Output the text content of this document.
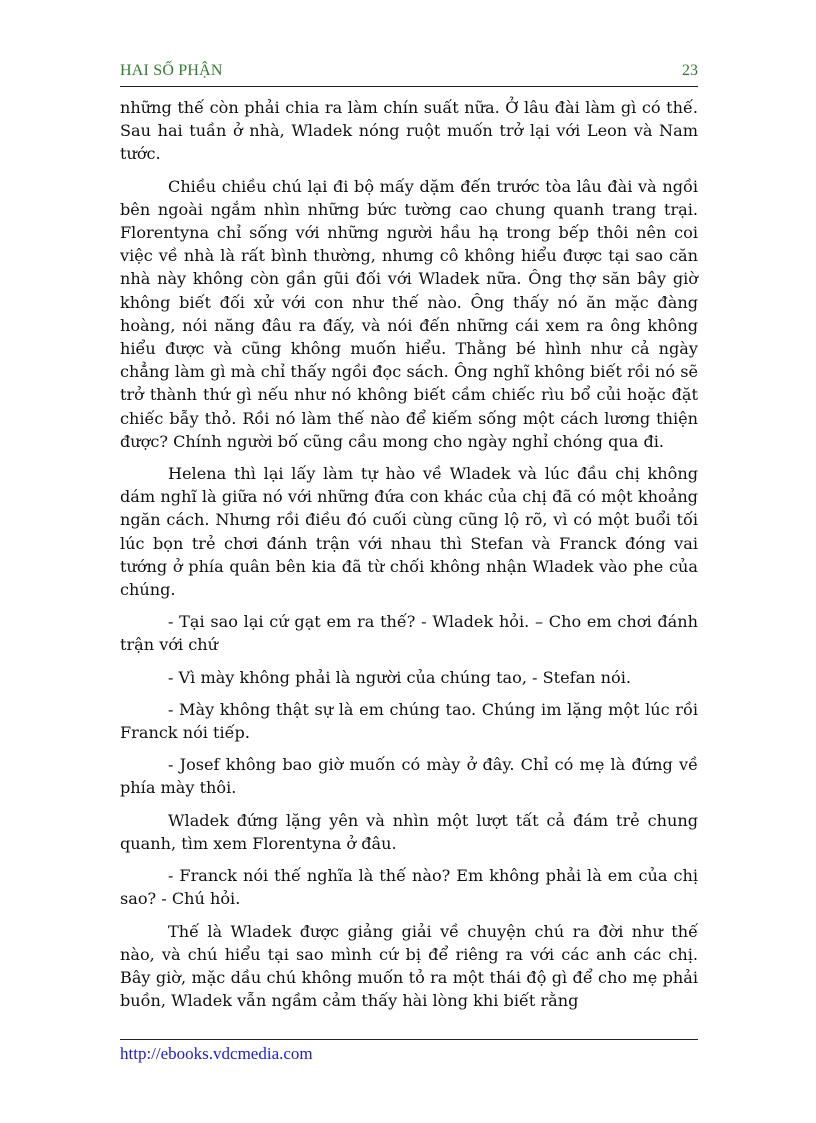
HAI SỐ PHẬN	23

những thế còn phải chia ra làm chín suất nữa. Ở lâu đài làm gì có thế. Sau hai tuần ở nhà, Wladek nóng ruột muốn trở lại với Leon và Nam tước.

Chiều chiều chú lại đi bộ mấy dặm đến trước tòa lâu đài và ngồi bên ngoài ngắm nhìn những bức tường cao chung quanh trang trại. Florentyna chỉ sống với những người hầu hạ trong bếp thôi nên coi việc về nhà là rất bình thường, nhưng cô không hiểu được tại sao căn nhà này không còn gần gũi đối với Wladek nữa. Ông thợ săn bây giờ không biết đối xử với con như thế nào. Ông thấy nó ăn mặc đàng hoàng, nói năng đâu ra đấy, và nói đến những cái xem ra ông không hiểu được và cũng không muốn hiểu. Thằng bé hình như cả ngày chẳng làm gì mà chỉ thấy ngồi đọc sách. Ông nghĩ không biết rồi nó sẽ trở thành thứ gì nếu như nó không biết cầm chiếc rìu bổ củi hoặc đặt chiếc bẫy thỏ. Rồi nó làm thế nào để kiếm sống một cách lương thiện được? Chính người bố cũng cầu mong cho ngày nghỉ chóng qua đi.

Helena thì lại lấy làm tự hào về Wladek và lúc đầu chị không dám nghĩ là giữa nó với những đứa con khác của chị đã có một khoảng ngăn cách. Nhưng rồi điều đó cuối cùng cũng lộ rõ, vì có một buổi tối lúc bọn trẻ chơi đánh trận với nhau thì Stefan và Franck đóng vai tướng ở phía quân bên kia đã từ chối không nhận Wladek vào phe của chúng.

- Tại sao lại cứ gạt em ra thế? - Wladek hỏi. – Cho em chơi đánh trận với chứ

- Vì mày không phải là người của chúng tao, - Stefan nói.

- Mày không thật sự là em chúng tao. Chúng im lặng một lúc rồi Franck nói tiếp.

- Josef không bao giờ muốn có mày ở đây. Chỉ có mẹ là đứng về phía mày thôi.

Wladek đứng lặng yên và nhìn một lượt tất cả đám trẻ chung quanh, tìm xem Florentyna ở đâu.

- Franck nói thế nghĩa là thế nào? Em không phải là em của chị sao? - Chú hỏi.

Thế là Wladek được giảng giải về chuyện chú ra đời như thế nào, và chú hiểu tại sao mình cứ bị để riêng ra với các anh các chị. Bây giờ, mặc dầu chú không muốn tỏ ra một thái độ gì để cho mẹ phải buồn, Wladek vẫn ngầm cảm thấy hài lòng khi biết rằng

http://ebooks.vdcmedia.com
